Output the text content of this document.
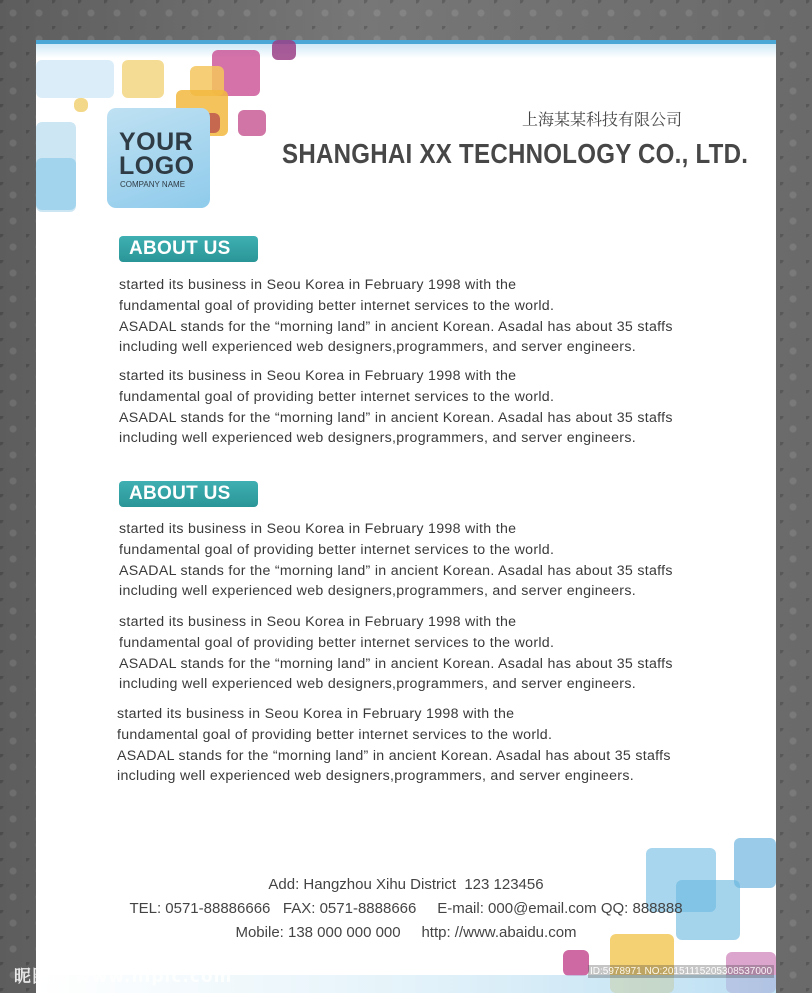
YOUR
LOGO
COMPANY NAME
上海某某科技有限公司
SHANGHAI XX TECHNOLOGY CO., LTD.
ABOUT US
started its business in Seou Korea in February 1998 with the
fundamental goal of providing better internet services to the world.
ASADAL stands for the “morning land” in ancient Korean. Asadal has about 35 staffs
including well experienced web designers,programmers, and server engineers.
started its business in Seou Korea in February 1998 with the
fundamental goal of providing better internet services to the world.
ASADAL stands for the “morning land” in ancient Korean. Asadal has about 35 staffs
including well experienced web designers,programmers, and server engineers.
ABOUT US
started its business in Seou Korea in February 1998 with the
fundamental goal of providing better internet services to the world.
ASADAL stands for the “morning land” in ancient Korean. Asadal has about 35 staffs
including well experienced web designers,programmers, and server engineers.
started its business in Seou Korea in February 1998 with the
fundamental goal of providing better internet services to the world.
ASADAL stands for the “morning land” in ancient Korean. Asadal has about 35 staffs
including well experienced web designers,programmers, and server engineers.
started its business in Seou Korea in February 1998 with the
fundamental goal of providing better internet services to the world.
ASADAL stands for the “morning land” in ancient Korean. Asadal has about 35 staffs
including well experienced web designers,programmers, and server engineers.
Add: Hangzhou Xihu District  123 123456
TEL: 0571-88886666 FAX: 0571-8888666 E-mail: 000@email.com QQ: 888888
Mobile: 138 000 000 000 http: //www.abaidu.com
昵图网 www.nipic.com	ID:5978971 NO:20151115205308537000
